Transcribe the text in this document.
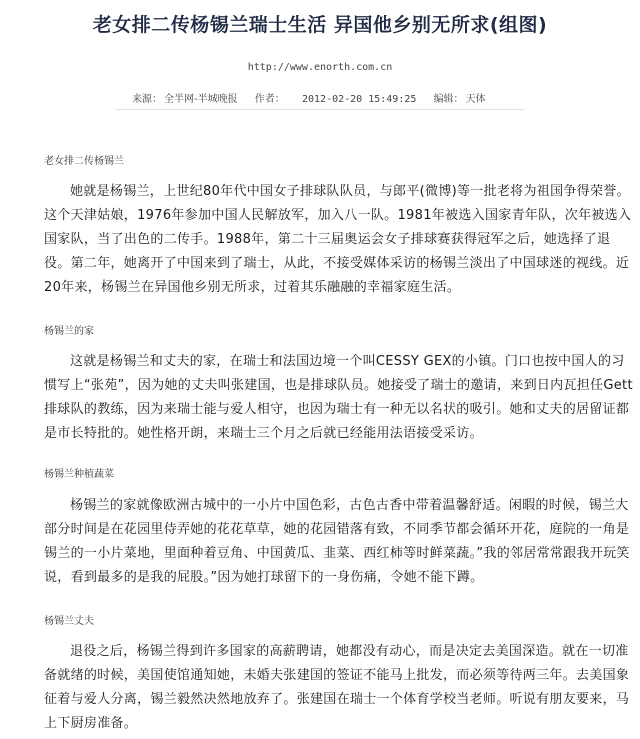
老女排二传杨锡兰瑞士生活 异国他乡别无所求(组图)
http://www.enorth.com.cn
来源： 全半网-半城晚报 作者： 2012-02-20 15:49:25 编辑： 天体
老女排二传杨锡兰
她就是杨锡兰，上世纪80年代中国女子排球队队员，与郎平(微博)等一批老将为祖国争得荣誉。这个天津姑娘，1976年参加中国人民解放军，加入八一队。1981年被选入国家青年队，次年被选入国家队，当了出色的二传手。1988年，第二十三届奥运会女子排球赛获得冠军之后，她选择了退役。第二年，她离开了中国来到了瑞士，从此，不接受媒体采访的杨锡兰淡出了中国球迷的视线。近20年来，杨锡兰在异国他乡别无所求，过着其乐融融的幸福家庭生活。
杨锡兰的家
这就是杨锡兰和丈夫的家，在瑞士和法国边境一个叫CESSY GEX的小镇。门口也按中国人的习惯写上“张苑”，因为她的丈夫叫张建国，也是排球队员。她接受了瑞士的邀请，来到日内瓦担任Gett排球队的教练，因为来瑞士能与爱人相守，也因为瑞士有一种无以名状的吸引。她和丈夫的居留证都是市长特批的。她性格开朗，来瑞士三个月之后就已经能用法语接受采访。
杨锡兰种植蔬菜
杨锡兰的家就像欧洲古城中的一小片中国色彩，古色古香中带着温馨舒适。闲暇的时候，锡兰大部分时间是在花园里侍弄她的花花草草，她的花园错落有致，不同季节都会循环开花，庭院的一角是锡兰的一小片菜地，里面种着豆角、中国黄瓜、韭菜、西红柿等时鲜菜蔬。”我的邻居常常跟我开玩笑说，看到最多的是我的屁股。”因为她打球留下的一身伤痛，令她不能下蹲。
杨锡兰丈夫
退役之后，杨锡兰得到许多国家的高薪聘请，她都没有动心，而是决定去美国深造。就在一切准备就绪的时候，美国使馆通知她，未婚夫张建国的签证不能马上批发，而必须等待两三年。去美国象征着与爱人分离，锡兰毅然决然地放弃了。张建国在瑞士一个体育学校当老师。听说有朋友要来，马上下厨房准备。
